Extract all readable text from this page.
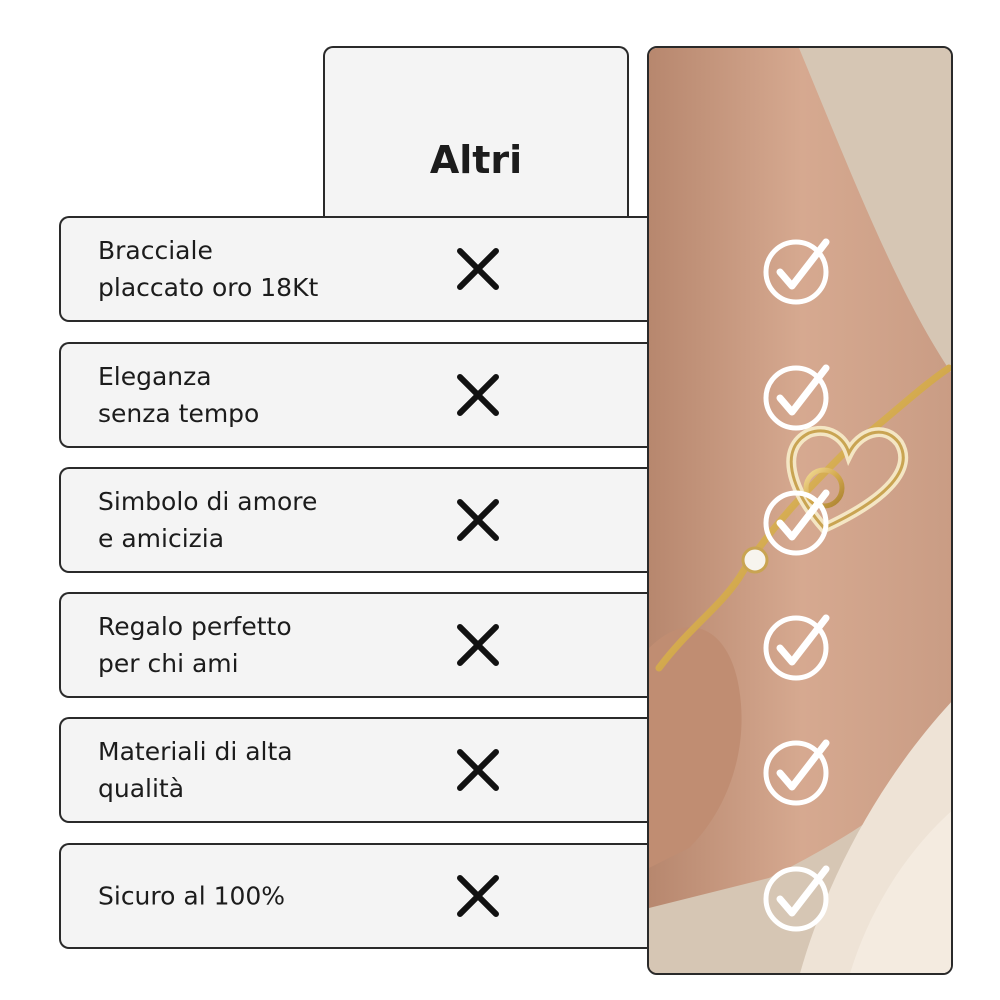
Altri
Bracciale
placcato oro 18Kt
Eleganza
senza tempo
Simbolo di amore
e amicizia
Regalo perfetto
per chi ami
Materiali di alta
qualità
Sicuro al 100%
